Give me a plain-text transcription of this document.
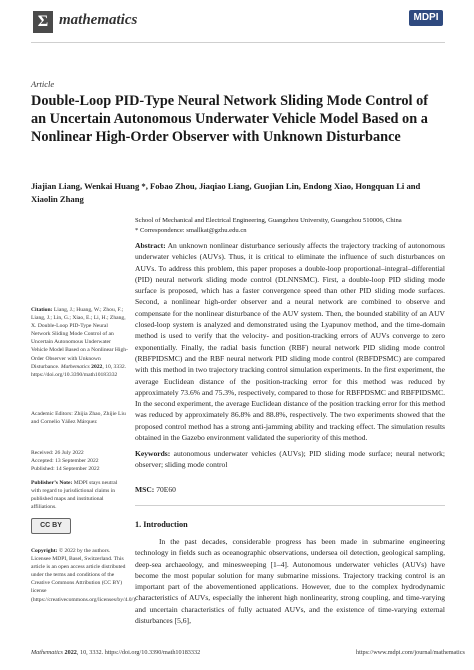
Σ mathematics	MDPI
Article
Double-Loop PID-Type Neural Network Sliding Mode Control of an Uncertain Autonomous Underwater Vehicle Model Based on a Nonlinear High-Order Observer with Unknown Disturbance
Jiajian Liang, Wenkai Huang *, Fobao Zhou, Jiaqiao Liang, Guojian Lin, Endong Xiao, Hongquan Li and Xiaolin Zhang
School of Mechanical and Electrical Engineering, Guangzhou University, Guangzhou 510006, China
* Correspondence: smallkat@gzhu.edu.cn
Abstract: An unknown nonlinear disturbance seriously affects the trajectory tracking of autonomous underwater vehicles (AUVs). Thus, it is critical to eliminate the influence of such disturbances on AUVs. To address this problem, this paper proposes a double-loop proportional–integral–differential (PID) neural network sliding mode control (DLNNSMC). First, a double-loop PID sliding mode surface is proposed, which has a faster convergence speed than other PID sliding mode surfaces. Second, a nonlinear high-order observer and a neural network are combined to observe and compensate for the nonlinear disturbance of the AUV system. Then, the bounded stability of an AUV closed-loop system is analyzed and demonstrated using the Lyapunov method, and the time-domain method is used to verify that the velocity- and position-tracking errors of AUVs converge to zero exponentially. Finally, the radial basis function (RBF) neural network PID sliding mode control (RBFPIDSMC) and the RBF neural network PID sliding mode control (RBFDPSMC) are compared with this method in two trajectory tracking control simulation experiments. In the first experiment, the average Euclidean distance of the position-tracking error for this method was reduced by approximately 73.6% and 75.3%, respectively, compared to those for RBFPDSMC and RBFPIDSMC. In the second experiment, the average Euclidean distance of the position tracking error for this method was reduced by approximately 86.8% and 88.8%, respectively. The two experiments showed that the proposed control method has a strong anti-jamming ability and tracking effect. The simulation results obtained in the Gazebo environment validated the superiority of this method.
Keywords: autonomous underwater vehicles (AUVs); PID sliding mode surface; neural network; observer; sliding mode control
MSC: 70E60
1. Introduction
In the past decades, considerable progress has been made in submarine engineering technology in fields such as oceanographic observations, undersea oil detection, geological sampling, deep-sea archaeology, and minesweeping [1–4]. Autonomous underwater vehicles (AUVs) have become the most popular solution for many submarine missions. Trajectory tracking control is an important part of the abovementioned applications. However, due to the complex hydrodynamic characteristics of AUVs, especially the inherent high nonlinearity, strong coupling, and time-varying and uncertain characteristics of fully actuated AUVs, and the existence of time-varying external disturbances [5,6],
Citation: Liang, J.; Huang, W.; Zhou, F.; Liang, J.; Lin, G.; Xiao, E.; Li, H.; Zhang, X. Double-Loop PID-Type Neural Network Sliding Mode Control of an Uncertain Autonomous Underwater Vehicle Model Based on a Nonlinear High-Order Observer with Unknown Disturbance. Mathematics 2022, 10, 3332. https://doi.org/10.3390/math10183332
Academic Editors: Zhijia Zhao, Zhijie Liu and Cornelio Yáñez Márquez
Received: 26 July 2022
Accepted: 13 September 2022
Published: 14 September 2022
Publisher’s Note: MDPI stays neutral with regard to jurisdictional claims in published maps and institutional affiliations.
CC BY
Copyright: © 2022 by the authors. Licensee MDPI, Basel, Switzerland. This article is an open access article distributed under the terms and conditions of the Creative Commons Attribution (CC BY) license (https://creativecommons.org/licenses/by/4.0/).
Mathematics 2022, 10, 3332. https://doi.org/10.3390/math10183332	https://www.mdpi.com/journal/mathematics
